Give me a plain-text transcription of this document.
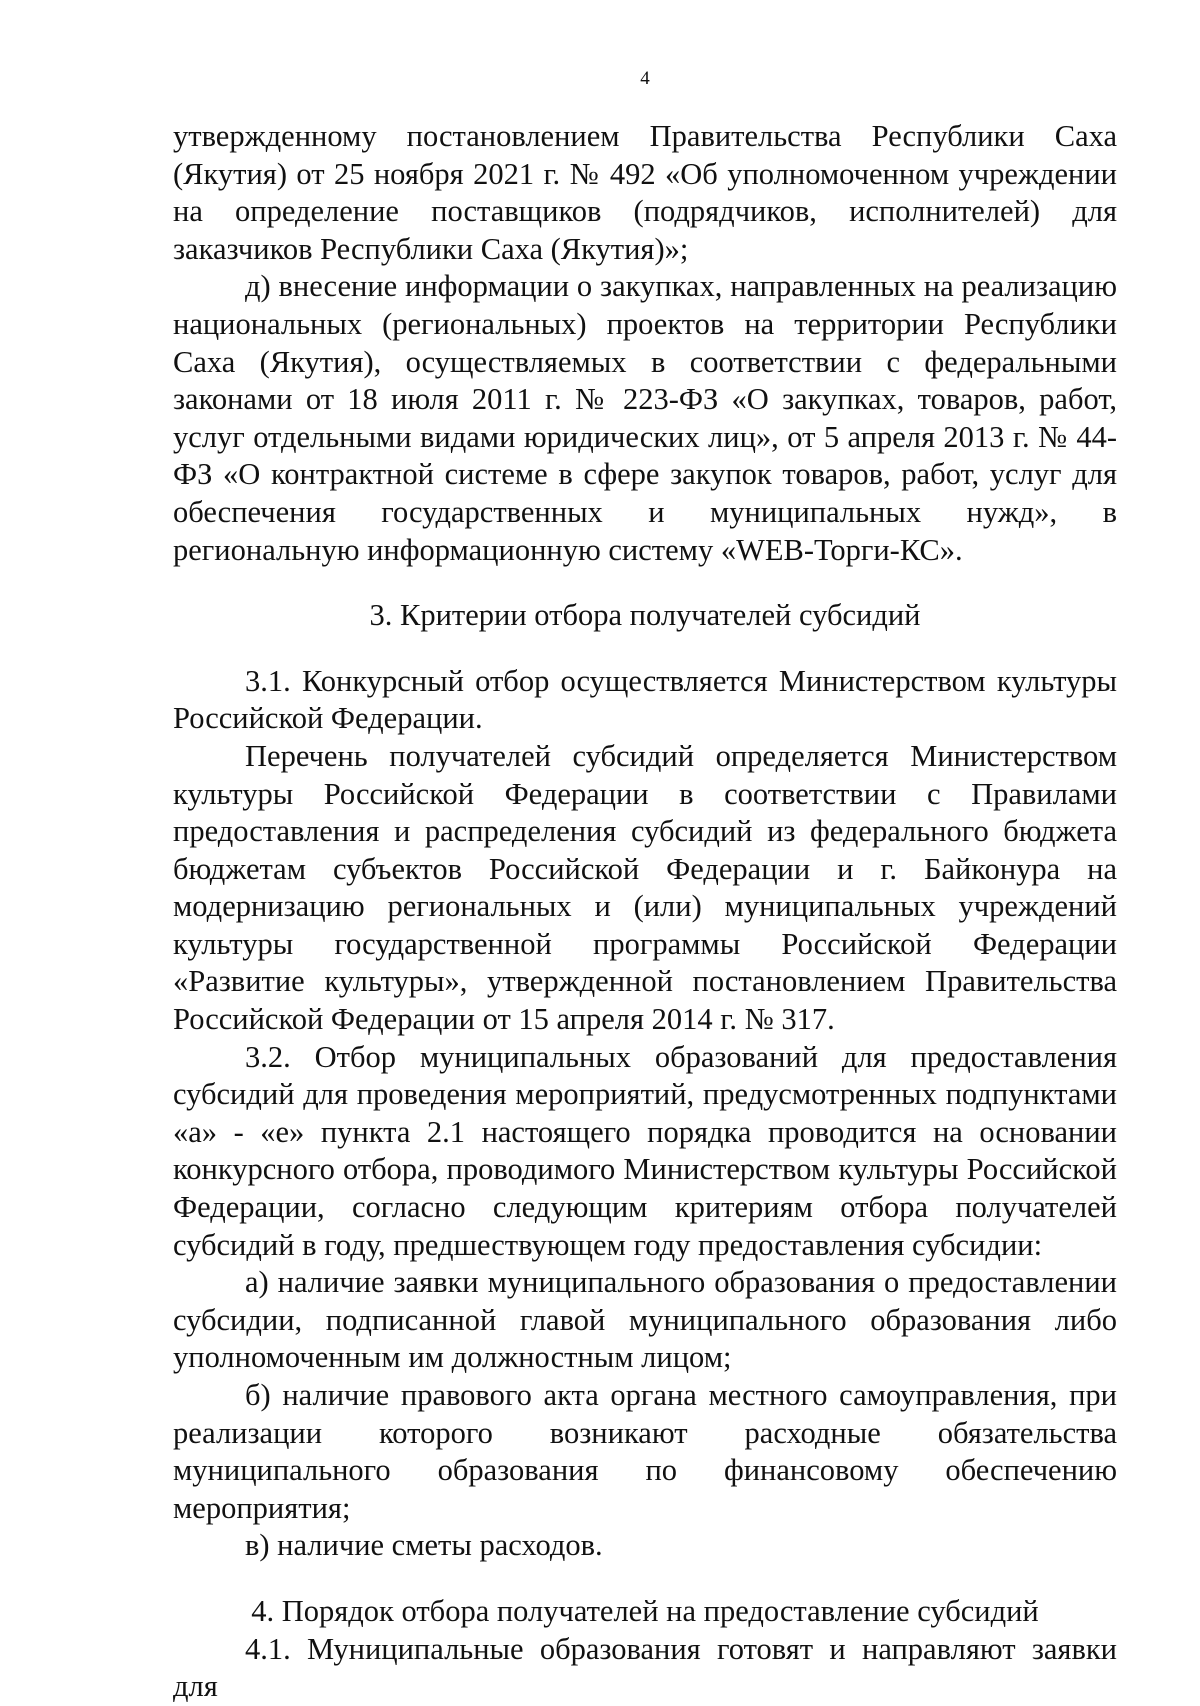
4

утвержденному постановлением Правительства Республики Саха (Якутия) от 25 ноября 2021 г. № 492 «Об уполномоченном учреждении на определение поставщиков (подрядчиков, исполнителей) для заказчиков Республики Саха (Якутия)»;

д) внесение информации о закупках, направленных на реализацию национальных (региональных) проектов на территории Республики Саха (Якутия), осуществляемых в соответствии с федеральными законами от 18 июля 2011 г. № 223-ФЗ «О закупках, товаров, работ, услуг отдельными видами юридических лиц», от 5 апреля 2013 г. № 44-ФЗ «О контрактной системе в сфере закупок товаров, работ, услуг для обеспечения государственных и муниципальных нужд», в региональную информационную систему «WEB-Торги-КС».

3. Критерии отбора получателей субсидий

3.1. Конкурсный отбор осуществляется Министерством культуры Российской Федерации.

Перечень получателей субсидий определяется Министерством культуры Российской Федерации в соответствии с Правилами предоставления и распределения субсидий из федерального бюджета бюджетам субъектов Российской Федерации и г. Байконура на модернизацию региональных и (или) муниципальных учреждений культуры государственной программы Российской Федерации «Развитие культуры», утвержденной постановлением Правительства Российской Федерации от 15 апреля 2014 г. № 317.

3.2. Отбор муниципальных образований для предоставления субсидий для проведения мероприятий, предусмотренных подпунктами «а» - «е» пункта 2.1 настоящего порядка проводится на основании конкурсного отбора, проводимого Министерством культуры Российской Федерации, согласно следующим критериям отбора получателей субсидий в году, предшествующем году предоставления субсидии:

а) наличие заявки муниципального образования о предоставлении субсидии, подписанной главой муниципального образования либо уполномоченным им должностным лицом;

б) наличие правового акта органа местного самоуправления, при реализации которого возникают расходные обязательства муниципального образования по финансовому обеспечению мероприятия;

в) наличие сметы расходов.

4. Порядок отбора получателей на предоставление субсидий

4.1. Муниципальные образования готовят и направляют заявки для
